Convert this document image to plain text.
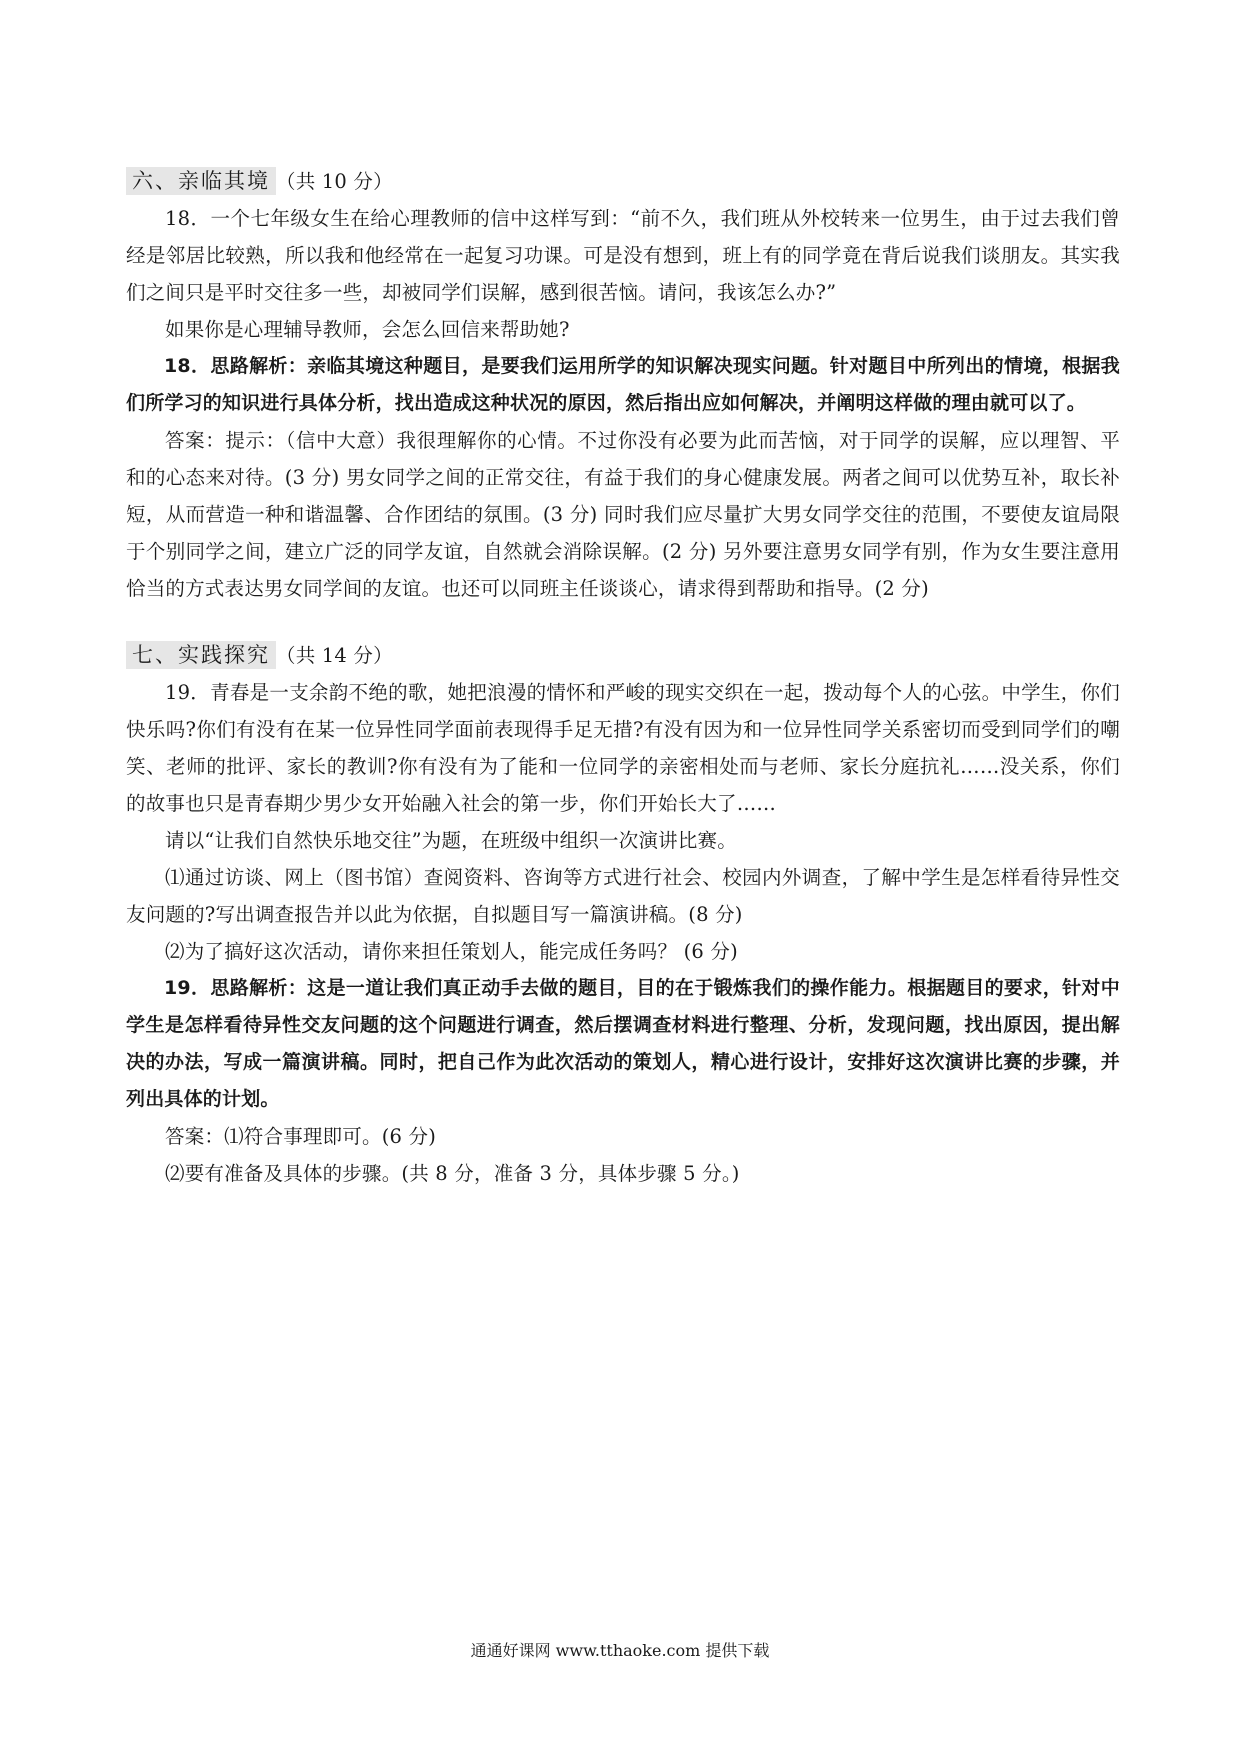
六、亲临其境 （共 10 分）

18．一个七年级女生在给心理教师的信中这样写到：“前不久，我们班从外校转来一位男生，由于过去我们曾经是邻居比较熟，所以我和他经常在一起复习功课。可是没有想到，班上有的同学竟在背后说我们谈朋友。其实我们之间只是平时交往多一些，却被同学们误解，感到很苦恼。请问，我该怎么办?”

如果你是心理辅导教师，会怎么回信来帮助她?

18．思路解析：亲临其境这种题目，是要我们运用所学的知识解决现实问题。针对题目中所列出的情境，根据我们所学习的知识进行具体分析，找出造成这种状况的原因，然后指出应如何解决，并阐明这样做的理由就可以了。

答案：提示：（信中大意）我很理解你的心情。不过你没有必要为此而苦恼，对于同学的误解，应以理智、平和的心态来对待。(3 分) 男女同学之间的正常交往，有益于我们的身心健康发展。两者之间可以优势互补，取长补短，从而营造一种和谐温馨、合作团结的氛围。(3 分) 同时我们应尽量扩大男女同学交往的范围，不要使友谊局限于个别同学之间，建立广泛的同学友谊，自然就会消除误解。(2 分) 另外要注意男女同学有别，作为女生要注意用恰当的方式表达男女同学间的友谊。也还可以同班主任谈谈心，请求得到帮助和指导。(2 分)

七、实践探究 （共 14 分）

19．青春是一支余韵不绝的歌，她把浪漫的情怀和严峻的现实交织在一起，拨动每个人的心弦。中学生，你们快乐吗?你们有没有在某一位异性同学面前表现得手足无措?有没有因为和一位异性同学关系密切而受到同学们的嘲笑、老师的批评、家长的教训?你有没有为了能和一位同学的亲密相处而与老师、家长分庭抗礼……没关系，你们的故事也只是青春期少男少女开始融入社会的第一步，你们开始长大了……

请以“让我们自然快乐地交往”为题，在班级中组织一次演讲比赛。

⑴通过访谈、网上（图书馆）查阅资料、咨询等方式进行社会、校园内外调查，了解中学生是怎样看待异性交友问题的?写出调查报告并以此为依据，自拟题目写一篇演讲稿。(8 分)

⑵为了搞好这次活动，请你来担任策划人，能完成任务吗？ (6 分)

19．思路解析：这是一道让我们真正动手去做的题目，目的在于锻炼我们的操作能力。根据题目的要求，针对中学生是怎样看待异性交友问题的这个问题进行调查，然后摆调查材料进行整理、分析，发现问题，找出原因，提出解决的办法，写成一篇演讲稿。同时，把自己作为此次活动的策划人，精心进行设计，安排好这次演讲比赛的步骤，并列出具体的计划。

答案：⑴符合事理即可。(6 分)

⑵要有准备及具体的步骤。(共 8 分，准备 3 分，具体步骤 5 分。)

通通好课网 www.tthaoke.com 提供下载
